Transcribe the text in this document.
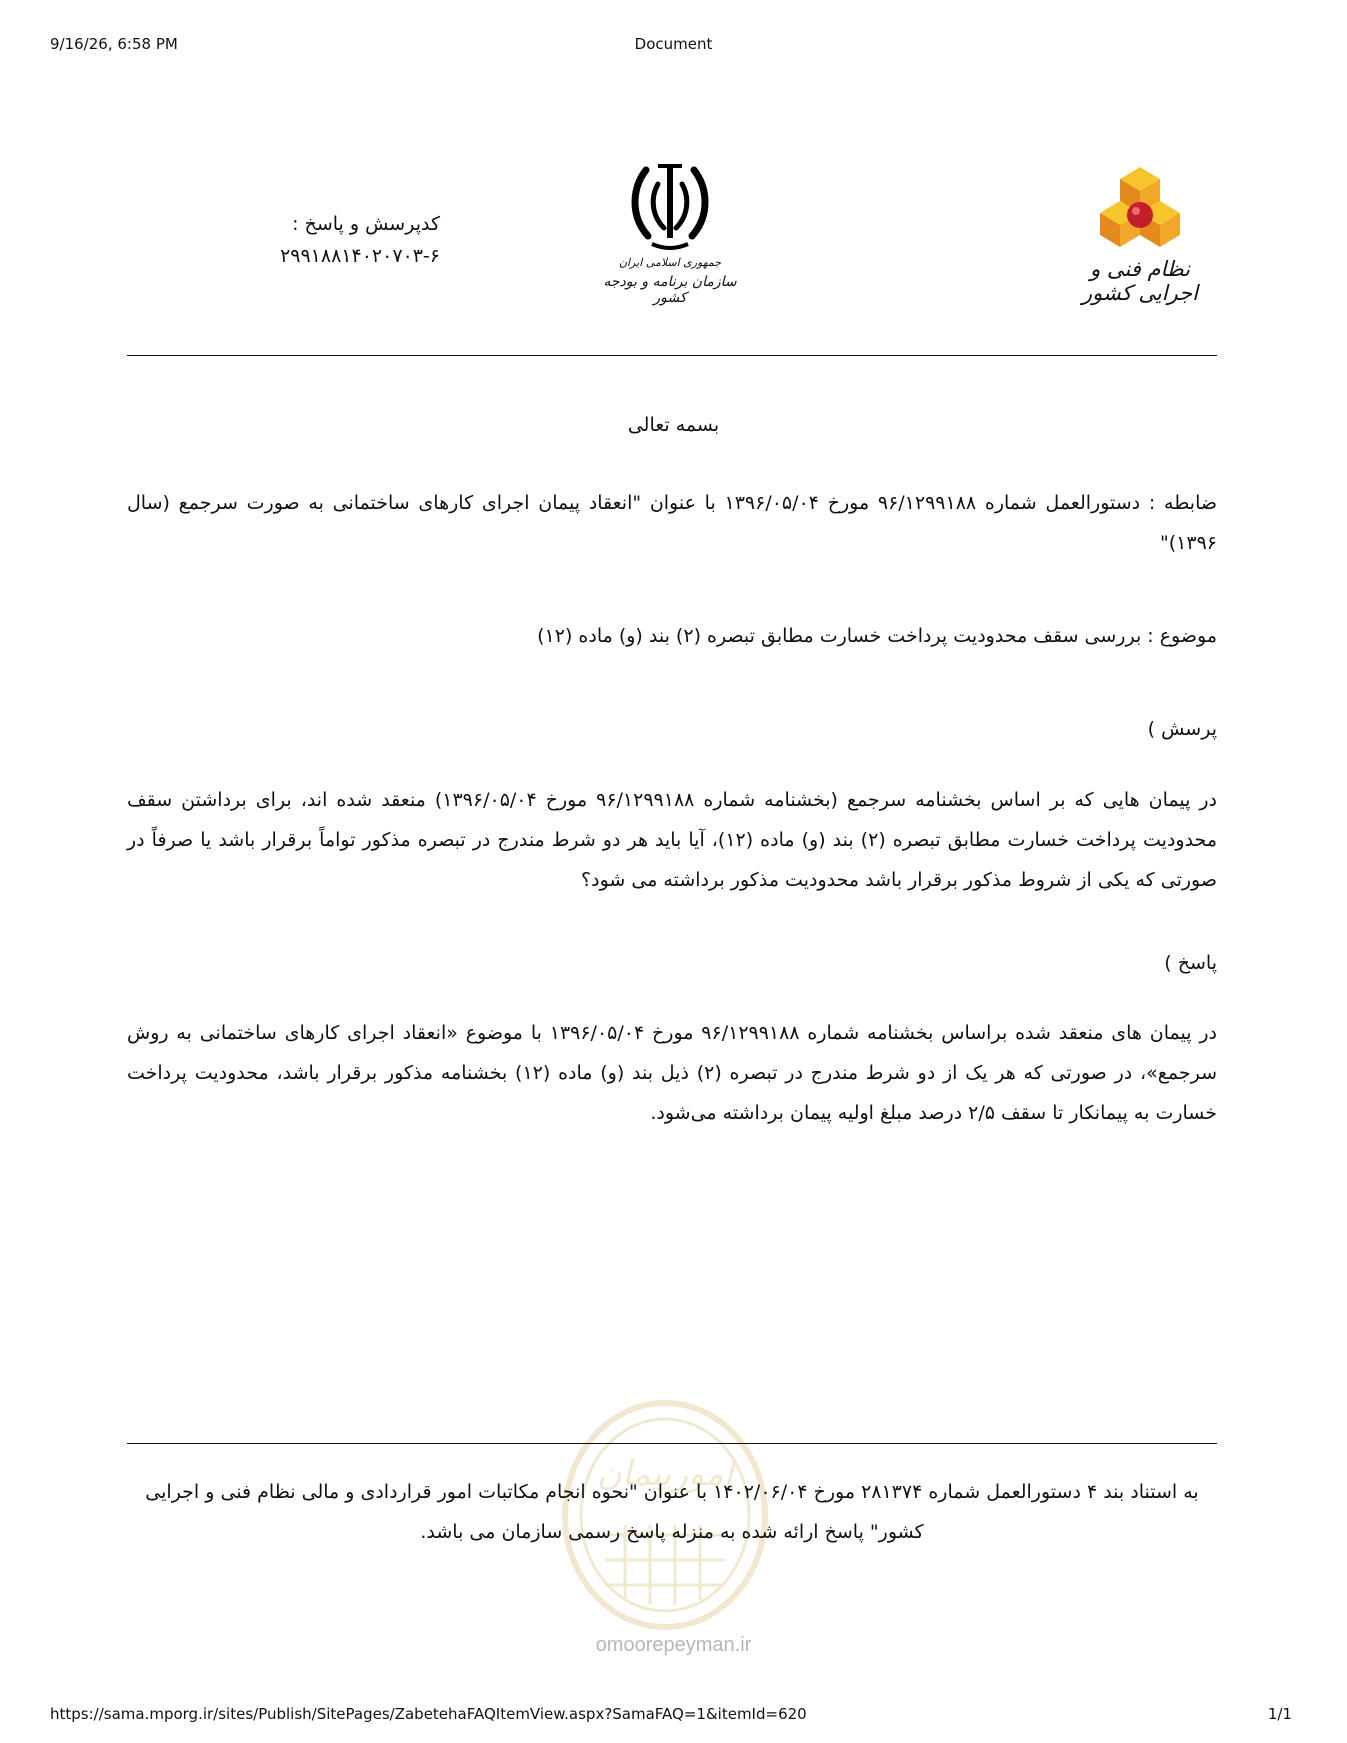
9/16/26, 6:58 PM	Document
کدپرسش و پاسخ :
۲۹۹۱۸۸۱۴۰۲۰۷۰۳-۶	جمهوری اسلامی ایران
سازمان برنامه و بودجه کشور
نظام فنی و اجرایی کشور
بسمه تعالی
ضابطه : دستورالعمل شماره ۹۶/۱۲۹۹۱۸۸ مورخ ۱۳۹۶/۰۵/۰۴ با عنوان "انعقاد پیمان اجرای کارهای ساختمانی به صورت سرجمع (سال ۱۳۹۶)"
موضوع : بررسی سقف محدودیت پرداخت خسارت مطابق تبصره (۲) بند (و) ماده (۱۲)
پرسش )
در پیمان هایی که بر اساس بخشنامه سرجمع (بخشنامه شماره ۹۶/۱۲۹۹۱۸۸ مورخ ۱۳۹۶/۰۵/۰۴) منعقد شده اند، برای برداشتن سقف محدودیت پرداخت خسارت مطابق تبصره (۲) بند (و) ماده (۱۲)، آیا باید هر دو شرط مندرج در تبصره مذکور تواماً برقرار باشد یا صرفاً در صورتی که یکی از شروط مذکور برقرار باشد محدودیت مذکور برداشته می شود؟
پاسخ )
در پیمان های منعقد شده براساس بخشنامه شماره ۹۶/۱۲۹۹۱۸۸ مورخ ۱۳۹۶/۰۵/۰۴ با موضوع «انعقاد اجرای کارهای ساختمانی به روش سرجمع»، در صورتی که هر یک از دو شرط مندرج در تبصره (۲) ذیل بند (و) ماده (۱۲) بخشنامه مذکور برقرار باشد، محدودیت پرداخت خسارت به پیمانکار تا سقف ۲/۵ درصد مبلغ اولیه پیمان برداشته می‌شود.
امورپیمان
به استناد بند ۴ دستورالعمل شماره ۲۸۱۳۷۴ مورخ ۱۴۰۲/۰۶/۰۴ با عنوان "نحوه انجام مکاتبات امور قراردادی و مالی نظام فنی و اجرایی کشور" پاسخ ارائه شده به منزله پاسخ رسمی سازمان می باشد.
omoorepeyman.ir
https://sama.mporg.ir/sites/Publish/SitePages/ZabetehaFAQItemView.aspx?SamaFAQ=1&itemId=620	1/1
